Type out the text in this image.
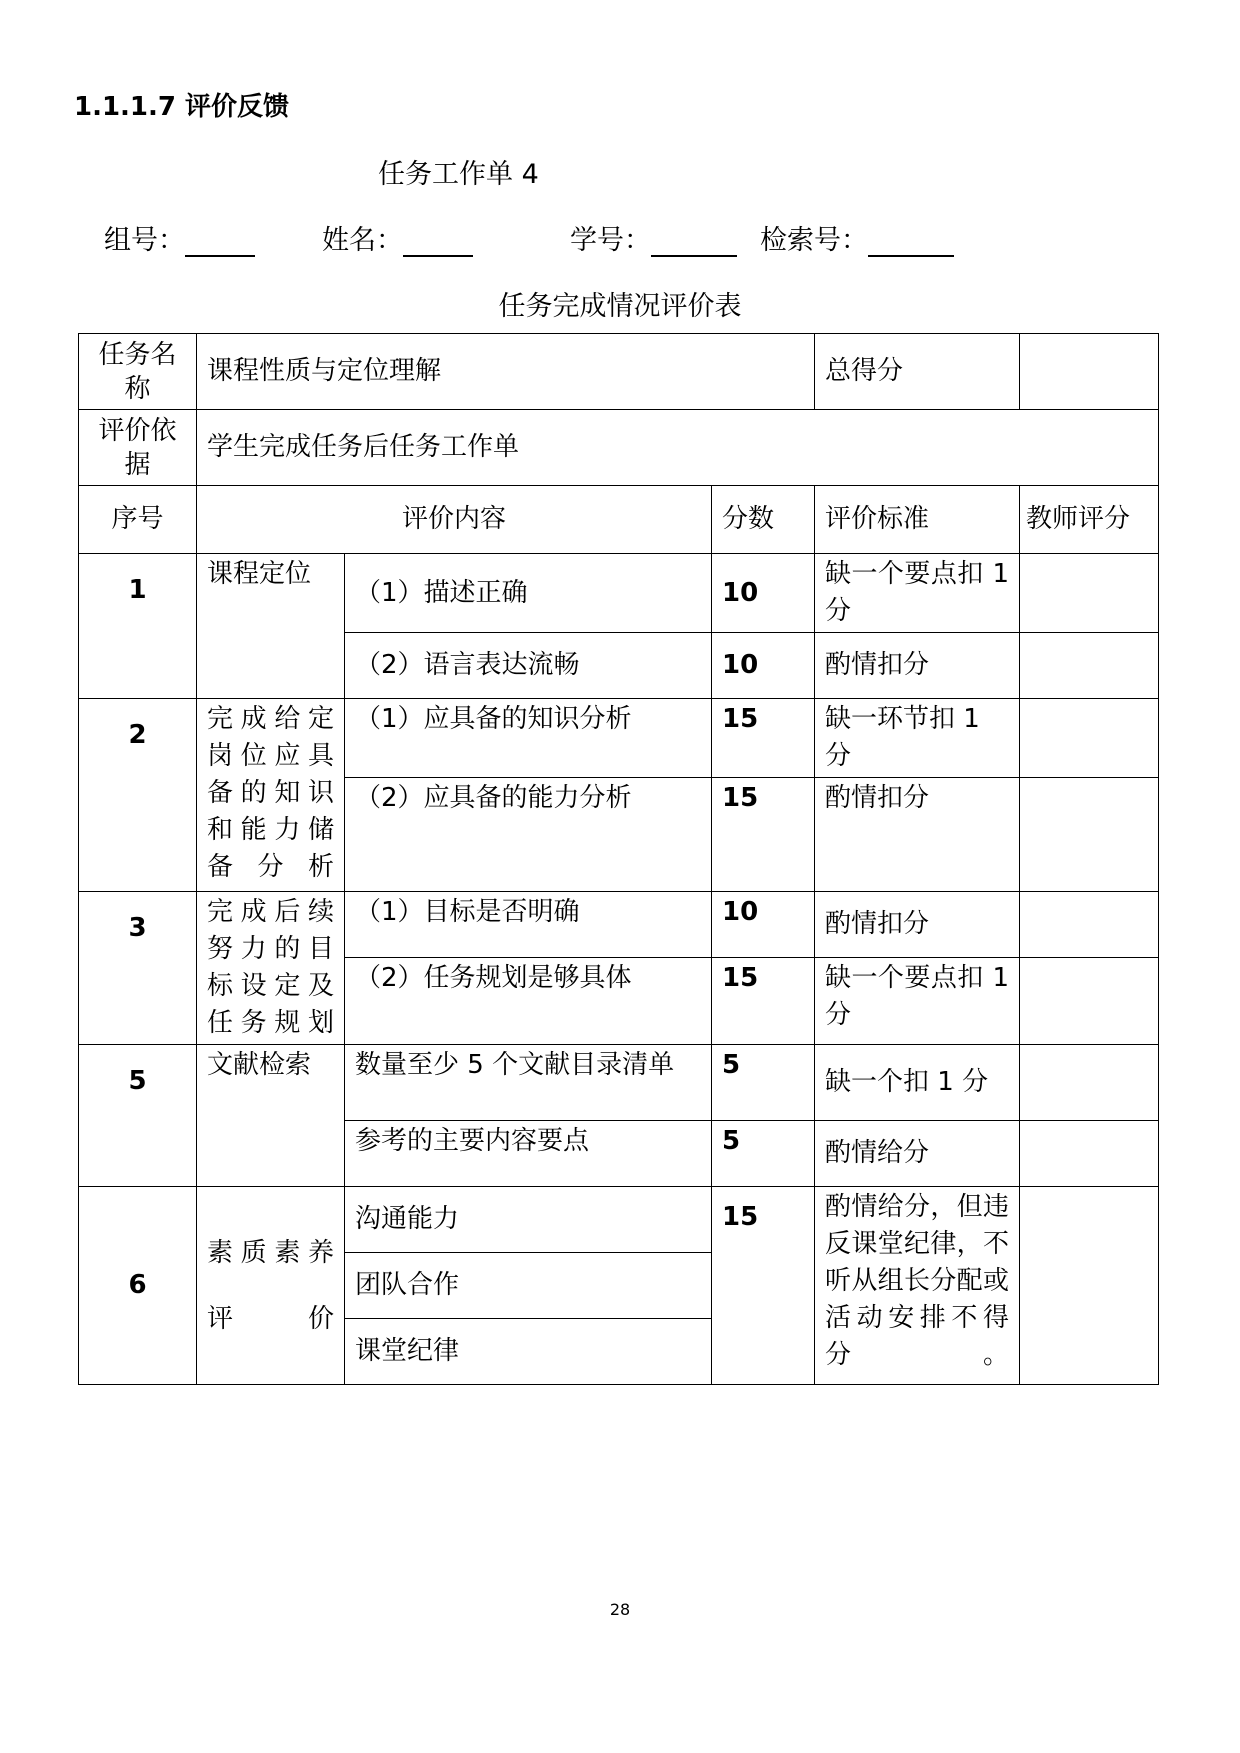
1.1.1.7 评价反馈
任务工作单 4
组号：	姓名：	学号：	检索号：
任务完成情况评价表
任务名称	课程性质与定位理解			总得分	
评价依据	学生完成任务后任务工作单				
序号	评价内容		分数	评价标准	教师评分
1	课程定位	（1）描述正确	10	缺一个要点扣 1 分	
		（2）语言表达流畅	10	酌情扣分	
2	完成给定岗位应具备的知识和能力储备分析	（1）应具备的知识分析	15	缺一环节扣 1 分	
		（2）应具备的能力分析	15	酌情扣分	
3	完成后续努力的目标设定及任务规划	（1）目标是否明确	10	酌情扣分	
		（2）任务规划是够具体	15	缺一个要点扣 1 分	
5	文献检索	数量至少 5 个文献目录清单	5	缺一个扣 1 分	
		参考的主要内容要点	5	酌情给分	
6	素质素养评价	沟通能力	15	酌情给分，但违反课堂纪律，不听从组长分配或活动安排不得分。	
		团队合作			
		课堂纪律			
28
